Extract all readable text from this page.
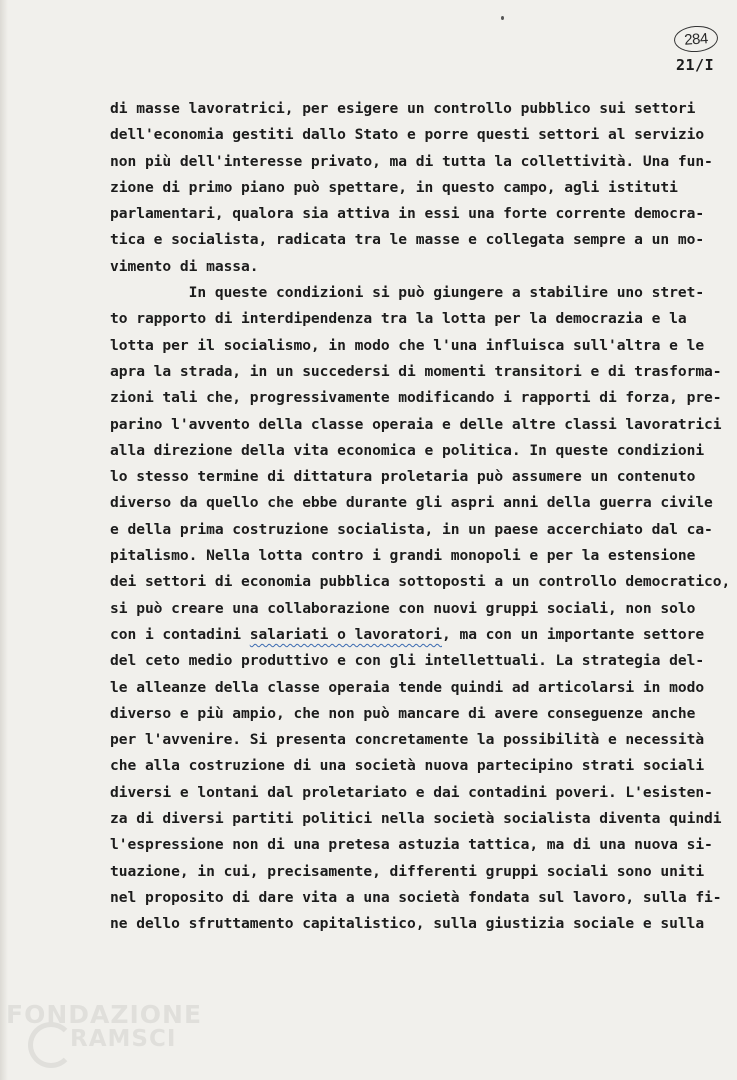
284
21/I
di masse lavoratrici, per esigere un controllo pubblico sui settori
dell'economia gestiti dallo Stato e porre questi settori al servizio
non più dell'interesse privato, ma di tutta la collettività. Una fun-
zione di primo piano può spettare, in questo campo, agli istituti
parlamentari, qualora sia attiva in essi una forte corrente democra-
tica e socialista, radicata tra le masse e collegata sempre a un mo-
vimento di massa.
In queste condizioni si può giungere a stabilire uno stret-
to rapporto di interdipendenza tra la lotta per la democrazia e la
lotta per il socialismo, in modo che l'una influisca sull'altra e le
apra la strada, in un succedersi di momenti transitori e di trasforma-
zioni tali che, progressivamente modificando i rapporti di forza, pre-
parino l'avvento della classe operaia e delle altre classi lavoratrici
alla direzione della vita economica e politica. In queste condizioni
lo stesso termine di dittatura proletaria può assumere un contenuto
diverso da quello che ebbe durante gli aspri anni della guerra civile
e della prima costruzione socialista, in un paese accerchiato dal ca-
pitalismo. Nella lotta contro i grandi monopoli e per la estensione
dei settori di economia pubblica sottoposti a un controllo democratico,
si può creare una collaborazione con nuovi gruppi sociali, non solo
con i contadini salariati o lavoratori, ma con un importante settore
del ceto medio produttivo e con gli intellettuali. La strategia del-
le alleanze della classe operaia tende quindi ad articolarsi in modo
diverso e più ampio, che non può mancare di avere conseguenze anche
per l'avvenire. Si presenta concretamente la possibilità e necessità
che alla costruzione di una società nuova partecipino strati sociali
diversi e lontani dal proletariato e dai contadini poveri. L'esisten-
za di diversi partiti politici nella società socialista diventa quindi
l'espressione non di una pretesa astuzia tattica, ma di una nuova si-
tuazione, in cui, precisamente, differenti gruppi sociali sono uniti
nel proposito di dare vita a una società fondata sul lavoro, sulla fi-
ne dello sfruttamento capitalistico, sulla giustizia sociale e sulla
FONDAZIONE
RAMSCI
